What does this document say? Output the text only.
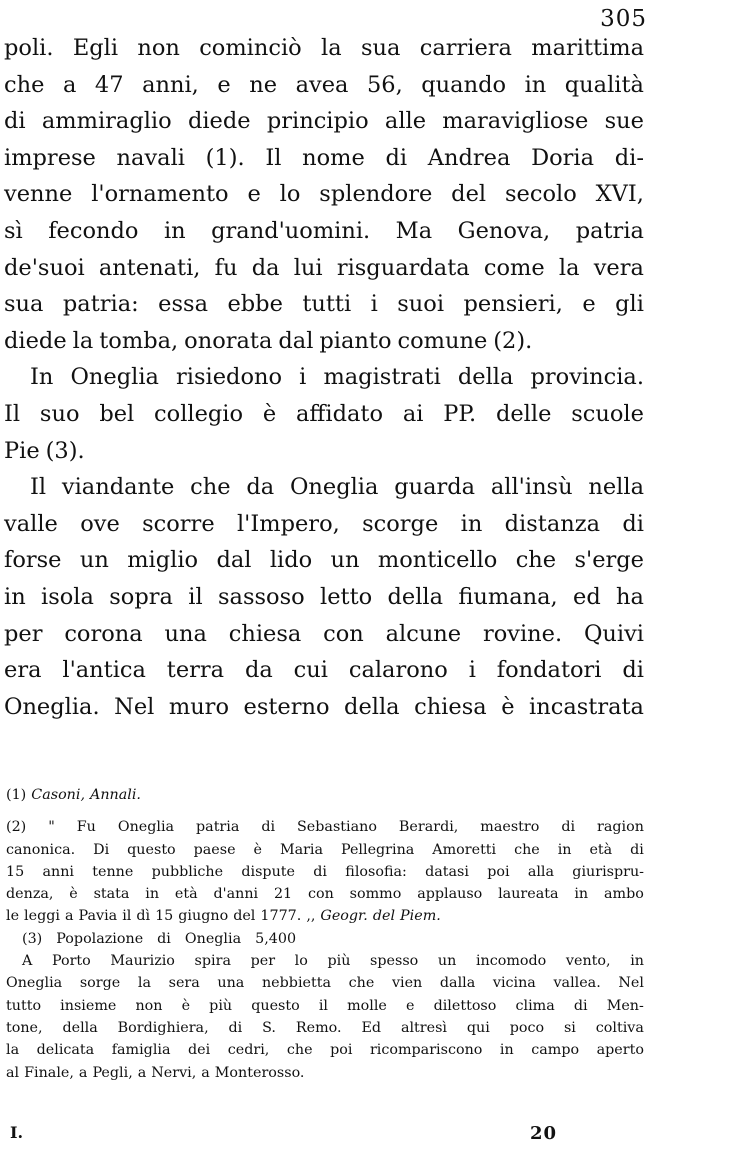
305
poli. Egli non cominciò la sua carriera marittima
che a 47 anni, e ne avea 56, quando in qualità
di ammiraglio diede principio alle maravigliose sue
imprese navali (1). Il nome di Andrea Doria di-
venne l'ornamento e lo splendore del secolo XVI,
sì fecondo in grand'uomini. Ma Genova, patria
de'suoi antenati, fu da lui risguardata come la vera
sua patria: essa ebbe tutti i suoi pensieri, e gli
diede la tomba, onorata dal pianto comune (2).
In Oneglia risiedono i magistrati della provincia.
Il suo bel collegio è affidato ai PP. delle scuole
Pie (3).
Il viandante che da Oneglia guarda all'insù nella
valle ove scorre l'Impero, scorge in distanza di
forse un miglio dal lido un monticello che s'erge
in isola sopra il sassoso letto della fiumana, ed ha
per corona una chiesa con alcune rovine. Quivi
era l'antica terra da cui calarono i fondatori di
Oneglia. Nel muro esterno della chiesa è incastrata
(1) Casoni, Annali.
(2) " Fu Oneglia patria di Sebastiano Berardi, maestro di ragion
canonica. Di questo paese è Maria Pellegrina Amoretti che in età di
15 anni tenne pubbliche dispute di filosofia: datasi poi alla giurispru-
denza, è stata in età d'anni 21 con sommo applauso laureata in ambo
le leggi a Pavia il dì 15 giugno del 1777. ,, Geogr. del Piem.
(3) Popolazione di Oneglia 5,400
A Porto Maurizio spira per lo più spesso un incomodo vento, in
Oneglia sorge la sera una nebbietta che vien dalla vicina vallea. Nel
tutto insieme non è più questo il molle e dilettoso clima di Men-
tone, della Bordighiera, di S. Remo. Ed altresì qui poco si coltiva
la delicata famiglia dei cedri, che poi ricompariscono in campo aperto
al Finale, a Pegli, a Nervi, a Monterosso.
I.	20
